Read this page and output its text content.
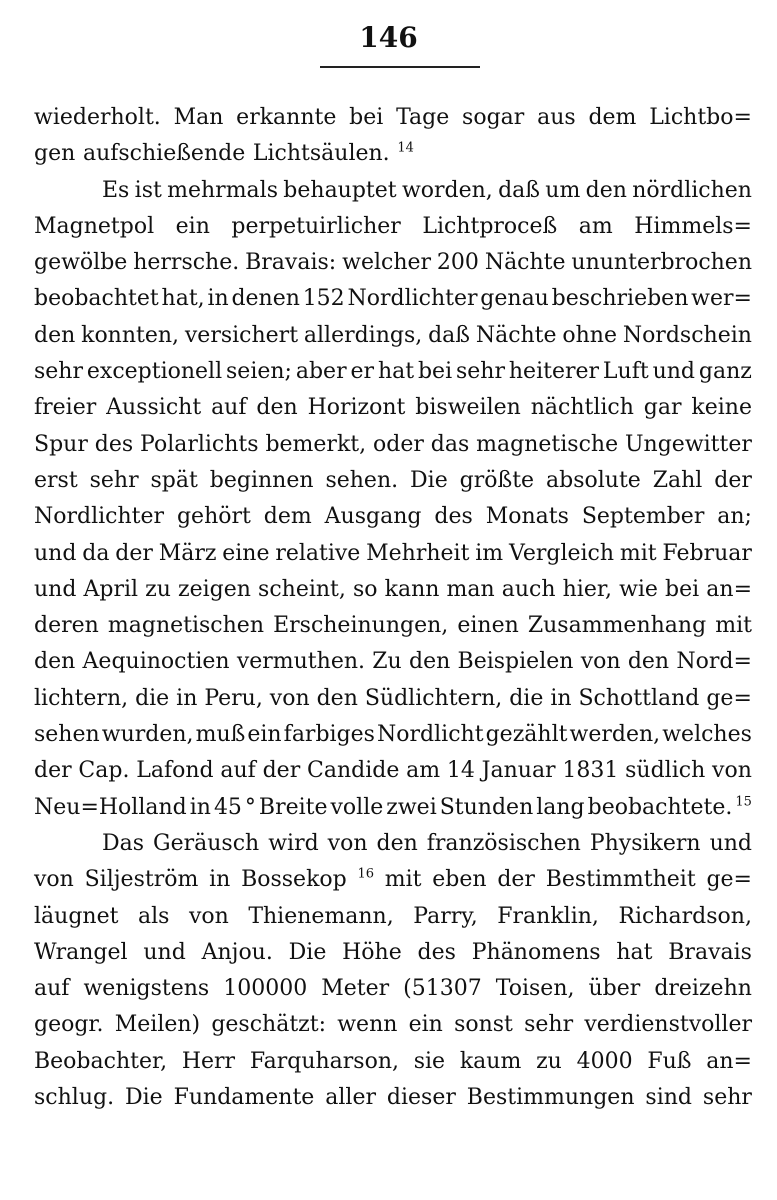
146
wiederholt. Man erkannte bei Tage sogar aus dem Lichtbo=
gen aufschießende Lichtsäulen. $^{14}$
Es ist mehrmals behauptet worden, daß um den nördlichen
Magnetpol ein perpetuirlicher Lichtproceß am Himmels=
gewölbe herrsche. Bravais: welcher 200 Nächte ununterbrochen
beobachtet hat, in denen 152 Nordlichter genau beschrieben wer=
den konnten, versichert allerdings, daß Nächte ohne Nordschein
sehr exceptionell seien; aber er hat bei sehr heiterer Luft und ganz
freier Aussicht auf den Horizont bisweilen nächtlich gar keine
Spur des Polarlichts bemerkt, oder das magnetische Ungewitter
erst sehr spät beginnen sehen. Die größte absolute Zahl der
Nordlichter gehört dem Ausgang des Monats September an;
und da der März eine relative Mehrheit im Vergleich mit Februar
und April zu zeigen scheint, so kann man auch hier, wie bei an=
deren magnetischen Erscheinungen, einen Zusammenhang mit
den Aequinoctien vermuthen. Zu den Beispielen von den Nord=
lichtern, die in Peru, von den Südlichtern, die in Schottland ge=
sehen wurden, muß ein farbiges Nordlicht gezählt werden, welches
der Cap. Lafond auf der Candide am 14 Januar 1831 südlich von
Neu=Holland in 45 ° Breite volle zwei Stunden lang beobachtete. $^{15}$
Das Geräusch wird von den französischen Physikern und
von Siljeström in Bossekop $^{16}$ mit eben der Bestimmtheit ge=
läugnet als von Thienemann, Parry, Franklin, Richardson,
Wrangel und Anjou. Die Höhe des Phänomens hat Bravais
auf wenigstens 100000 Meter (51307 Toisen, über dreizehn
geogr. Meilen) geschätzt: wenn ein sonst sehr verdienstvoller
Beobachter, Herr Farquharson, sie kaum zu 4000 Fuß an=
schlug. Die Fundamente aller dieser Bestimmungen sind sehr
